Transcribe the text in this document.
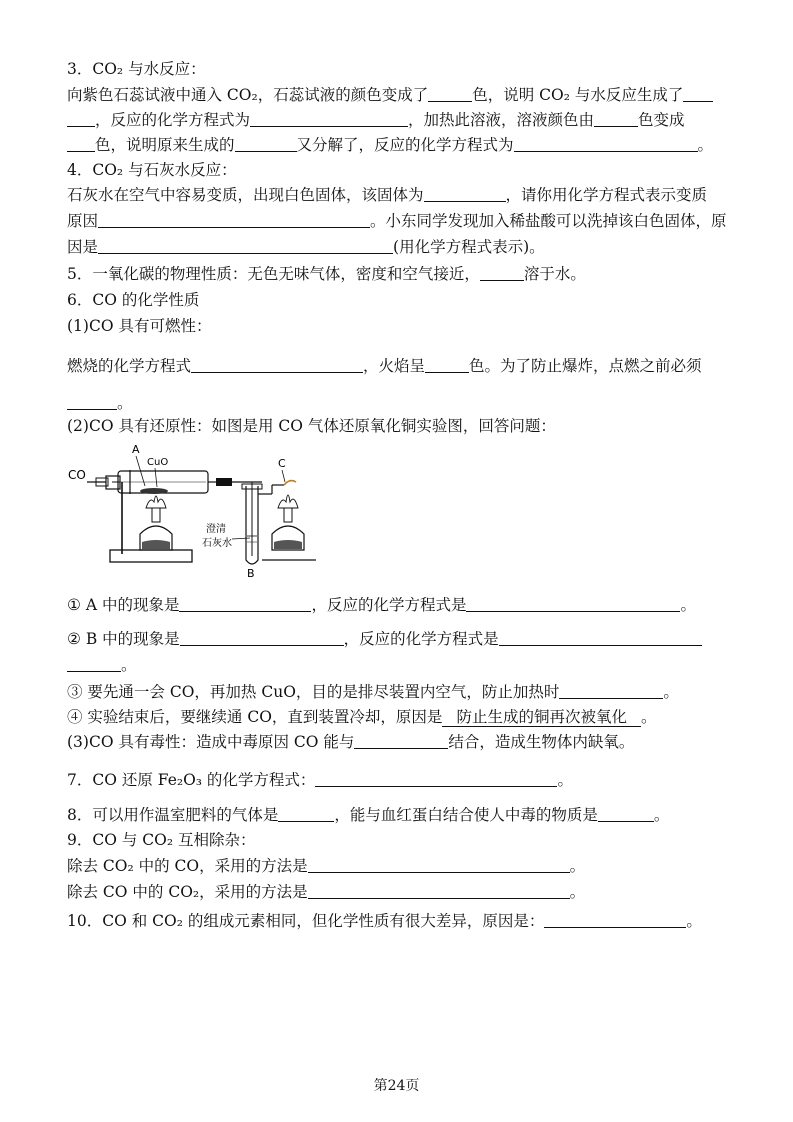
3．CO₂ 与水反应：
向紫色石蕊试液中通入 CO₂，石蕊试液的颜色变成了	色，说明 CO₂ 与水反应生成了
，反应的化学方程式为	，加热此溶液，溶液颜色由	色变成
色，说明原来生成的	又分解了，反应的化学方程式为	。
4．CO₂ 与石灰水反应：
石灰水在空气中容易变质，出现白色固体，该固体为	，请你用化学方程式表示变质
原因	。小东同学发现加入稀盐酸可以洗掉该白色固体，原
因是	(用化学方程式表示)。
5．一氧化碳的物理性质：无色无味气体，密度和空气接近，	溶于水。
6．CO 的化学性质
(1)CO 具有可燃性：
燃烧的化学方程式	，火焰呈	色。为了防止爆炸，点燃之前必须
。
(2)CO 具有还原性：如图是用 CO 气体还原氧化铜实验图，回答问题：
CO
A
CuO
澄清
石灰水
B
C
① A 中的现象是	，反应的化学方程式是	。
② B 中的现象是	，反应的化学方程式是
。
③ 要先通一会 CO，再加热 CuO，目的是排尽装置内空气，防止加热时	。
④ 实验结束后，要继续通 CO，直到装置冷却，原因是 防止生成的铜再次被氧化 。
(3)CO 具有毒性：造成中毒原因 CO 能与	结合，造成生物体内缺氧。
7．CO 还原 Fe₂O₃ 的化学方程式：	。
8．可以用作温室肥料的气体是	，能与血红蛋白结合使人中毒的物质是	。
9．CO 与 CO₂ 互相除杂：
除去 CO₂ 中的 CO，采用的方法是	。
除去 CO 中的 CO₂，采用的方法是	。
10．CO 和 CO₂ 的组成元素相同，但化学性质有很大差异，原因是：	。
第24页
